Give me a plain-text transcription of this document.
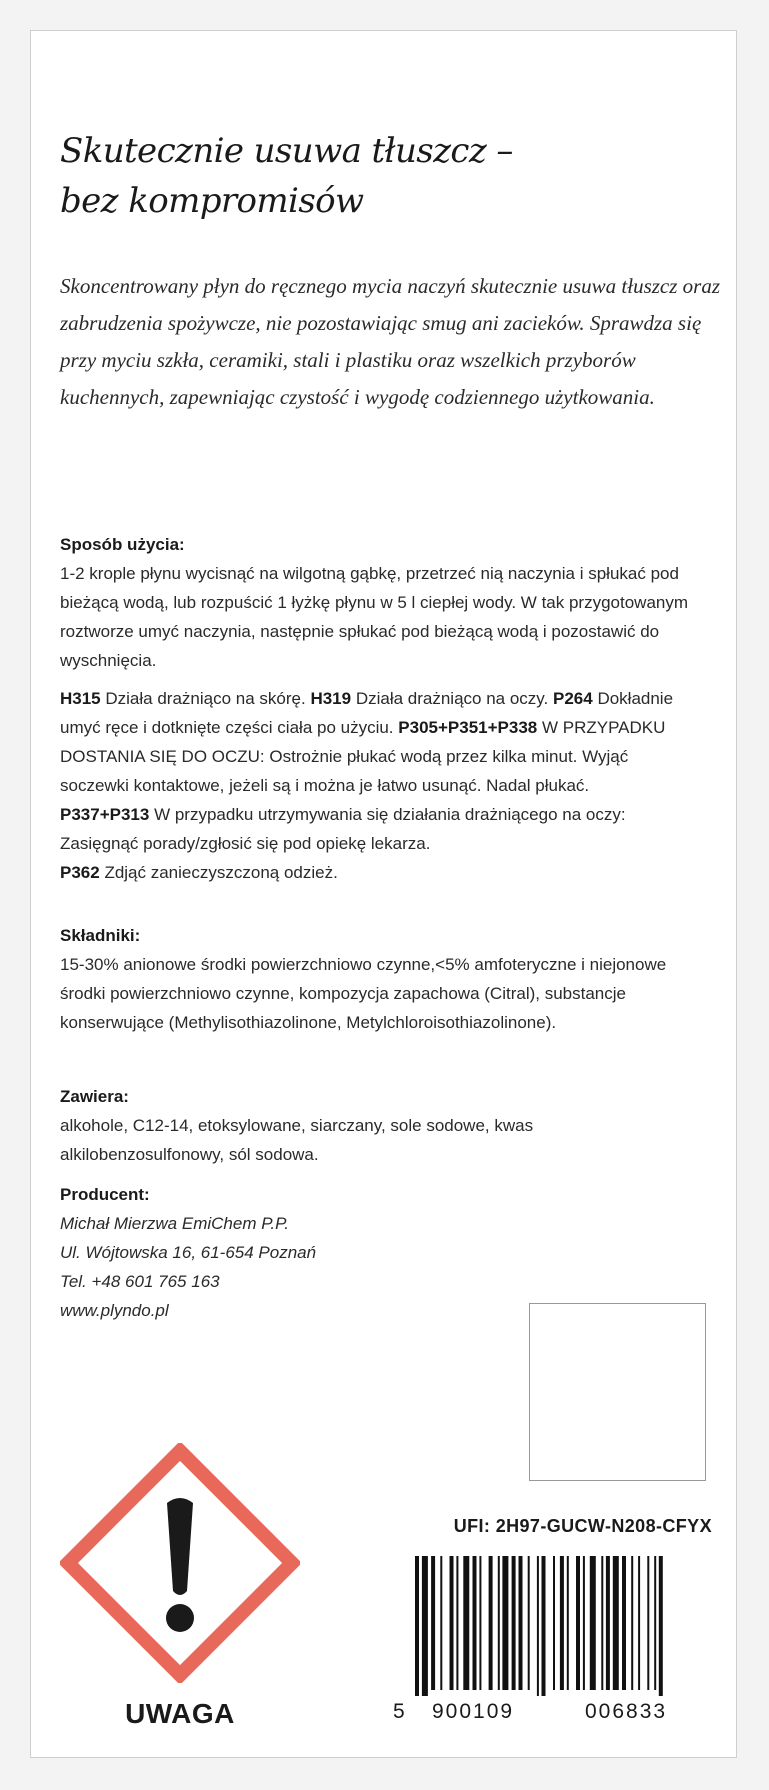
Skutecznie usuwa tłuszcz –
bez kompromisów

Skoncentrowany płyn do ręcznego mycia naczyń skutecznie usuwa tłuszcz oraz zabrudzenia spożywcze, nie pozostawiając smug ani zacieków. Sprawdza się przy myciu szkła, ceramiki, stali i plastiku oraz wszelkich przyborów kuchennych, zapewniając czystość i wygodę codziennego użytkowania.

Sposób użycia:

1-2 krople płynu wycisnąć na wilgotną gąbkę, przetrzeć nią naczynia i spłukać pod bieżącą wodą, lub rozpuścić 1 łyżkę płynu w 5 l ciepłej wody. W tak przygotowanym roztworze umyć naczynia, następnie spłukać pod bieżącą wodą i pozostawić do wyschnięcia.

H315 Działa drażniąco na skórę. H319 Działa drażniąco na oczy. P264 Dokładnie umyć ręce i dotknięte części ciała po użyciu. P305+P351+P338 W PRZYPADKU DOSTANIA SIĘ DO OCZU: Ostrożnie płukać wodą przez kilka minut. Wyjąć soczewki kontaktowe, jeżeli są i można je łatwo usunąć. Nadal płukać.
P337+P313 W przypadku utrzymywania się działania drażniącego na oczy: Zasięgnąć porady/zgłosić się pod opiekę lekarza.
P362 Zdjąć zanieczyszczoną odzież.

Składniki:

15-30% anionowe środki powierzchniowo czynne,<5% amfoteryczne i niejonowe środki powierzchniowo czynne, kompozycja zapachowa (Citral), substancje konserwujące (Methylisothiazolinone, Metylchloroisothiazolinone).

Zawiera:

alkohole, C12-14, etoksylowane, siarczany, sole sodowe, kwas alkilobenzosulfonowy, sól sodowa.

Producent:

Michał Mierzwa EmiChem P.P.

Ul. Wójtowska 16, 61-654 Poznań

Tel. +48 601 765 163

www.plyndo.pl

UWAGA
UFI: 2H97-GUCW-N208-CFYX
5 900109	006833
